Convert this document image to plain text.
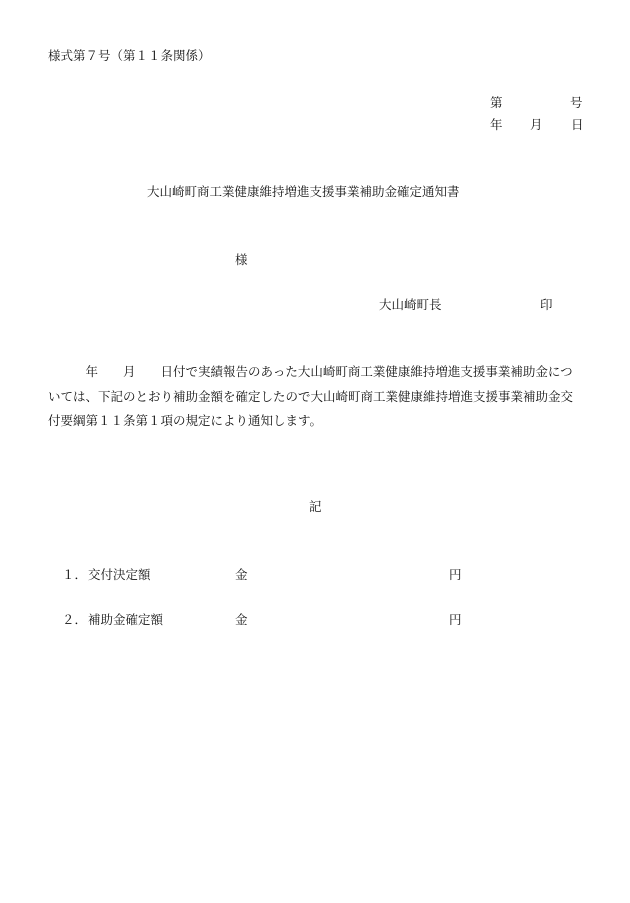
様式第７号（第１１条関係）
第	号
年 月 日
大山崎町商工業健康維持増進支援事業補助金確定通知書
様
大山崎町長	印
　　　年　　月　　日付で実績報告のあった大山崎町商工業健康維持増進支援事業補助金については、下記のとおり補助金額を確定したので大山崎町商工業健康維持増進支援事業補助金交付要綱第１１条第１項の規定により通知します。
記
１． 交付決定額	金	円
２． 補助金確定額	金	円
